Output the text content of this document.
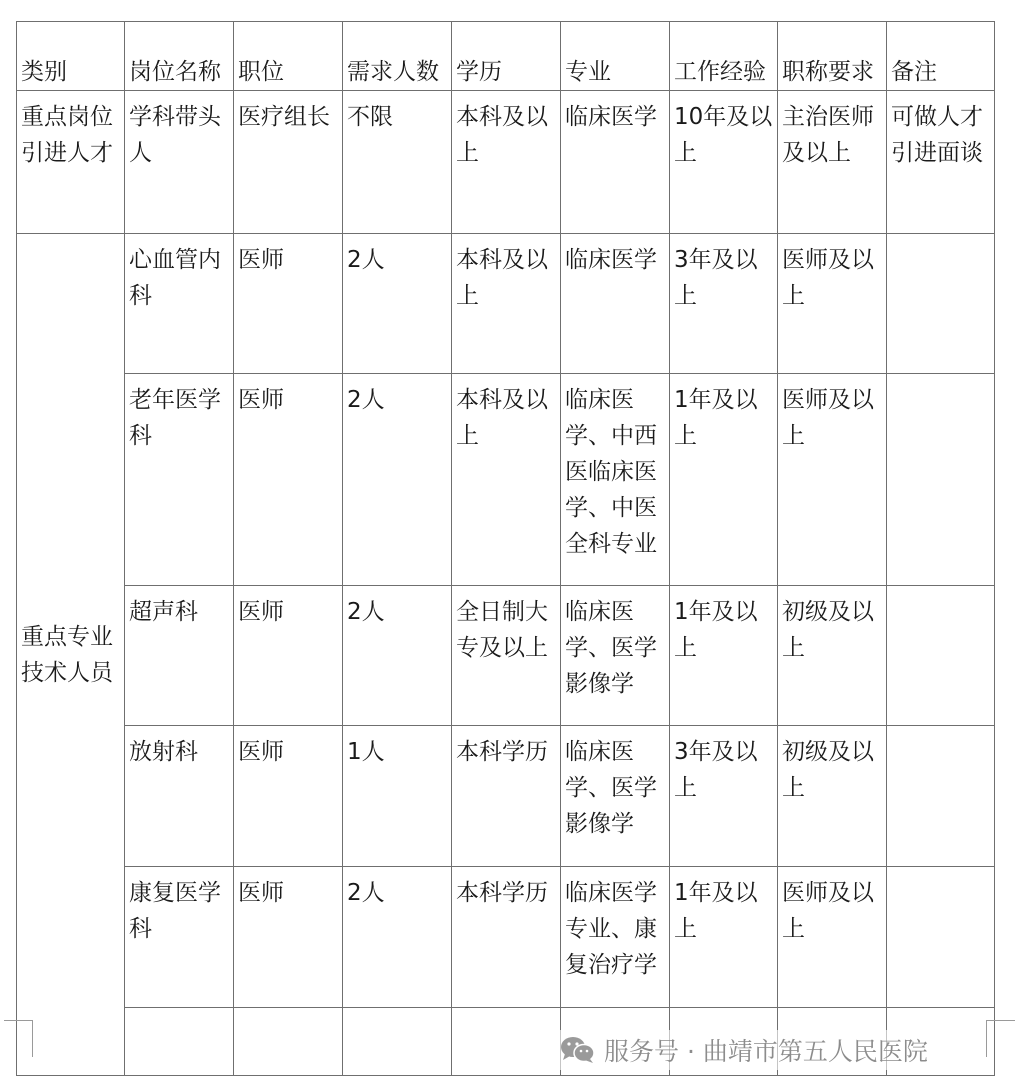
类别	岗位名称	职位	需求人数	学历	专业	工作经验	职称要求	备注
重点岗位引进人才	学科带头人	医疗组长	不限	本科及以上	临床医学	10年及以上	主治医师及以上	可做人才引进面谈
重点专业技术人员	心血管内科	医师	2人	本科及以上	临床医学	3年及以上	医师及以上	
	老年医学科	医师	2人	本科及以上	临床医学、中西医临床医学、中医全科专业	1年及以上	医师及以上	
	超声科	医师	2人	全日制大专及以上	临床医学、医学影像学	1年及以上	初级及以上	
	放射科	医师	1人	本科学历	临床医学、医学影像学	3年及以上	初级及以上	
	康复医学科	医师	2人	本科学历	临床医学专业、康复治疗学	1年及以上	医师及以上	

服务号 · 曲靖市第五人民医院
